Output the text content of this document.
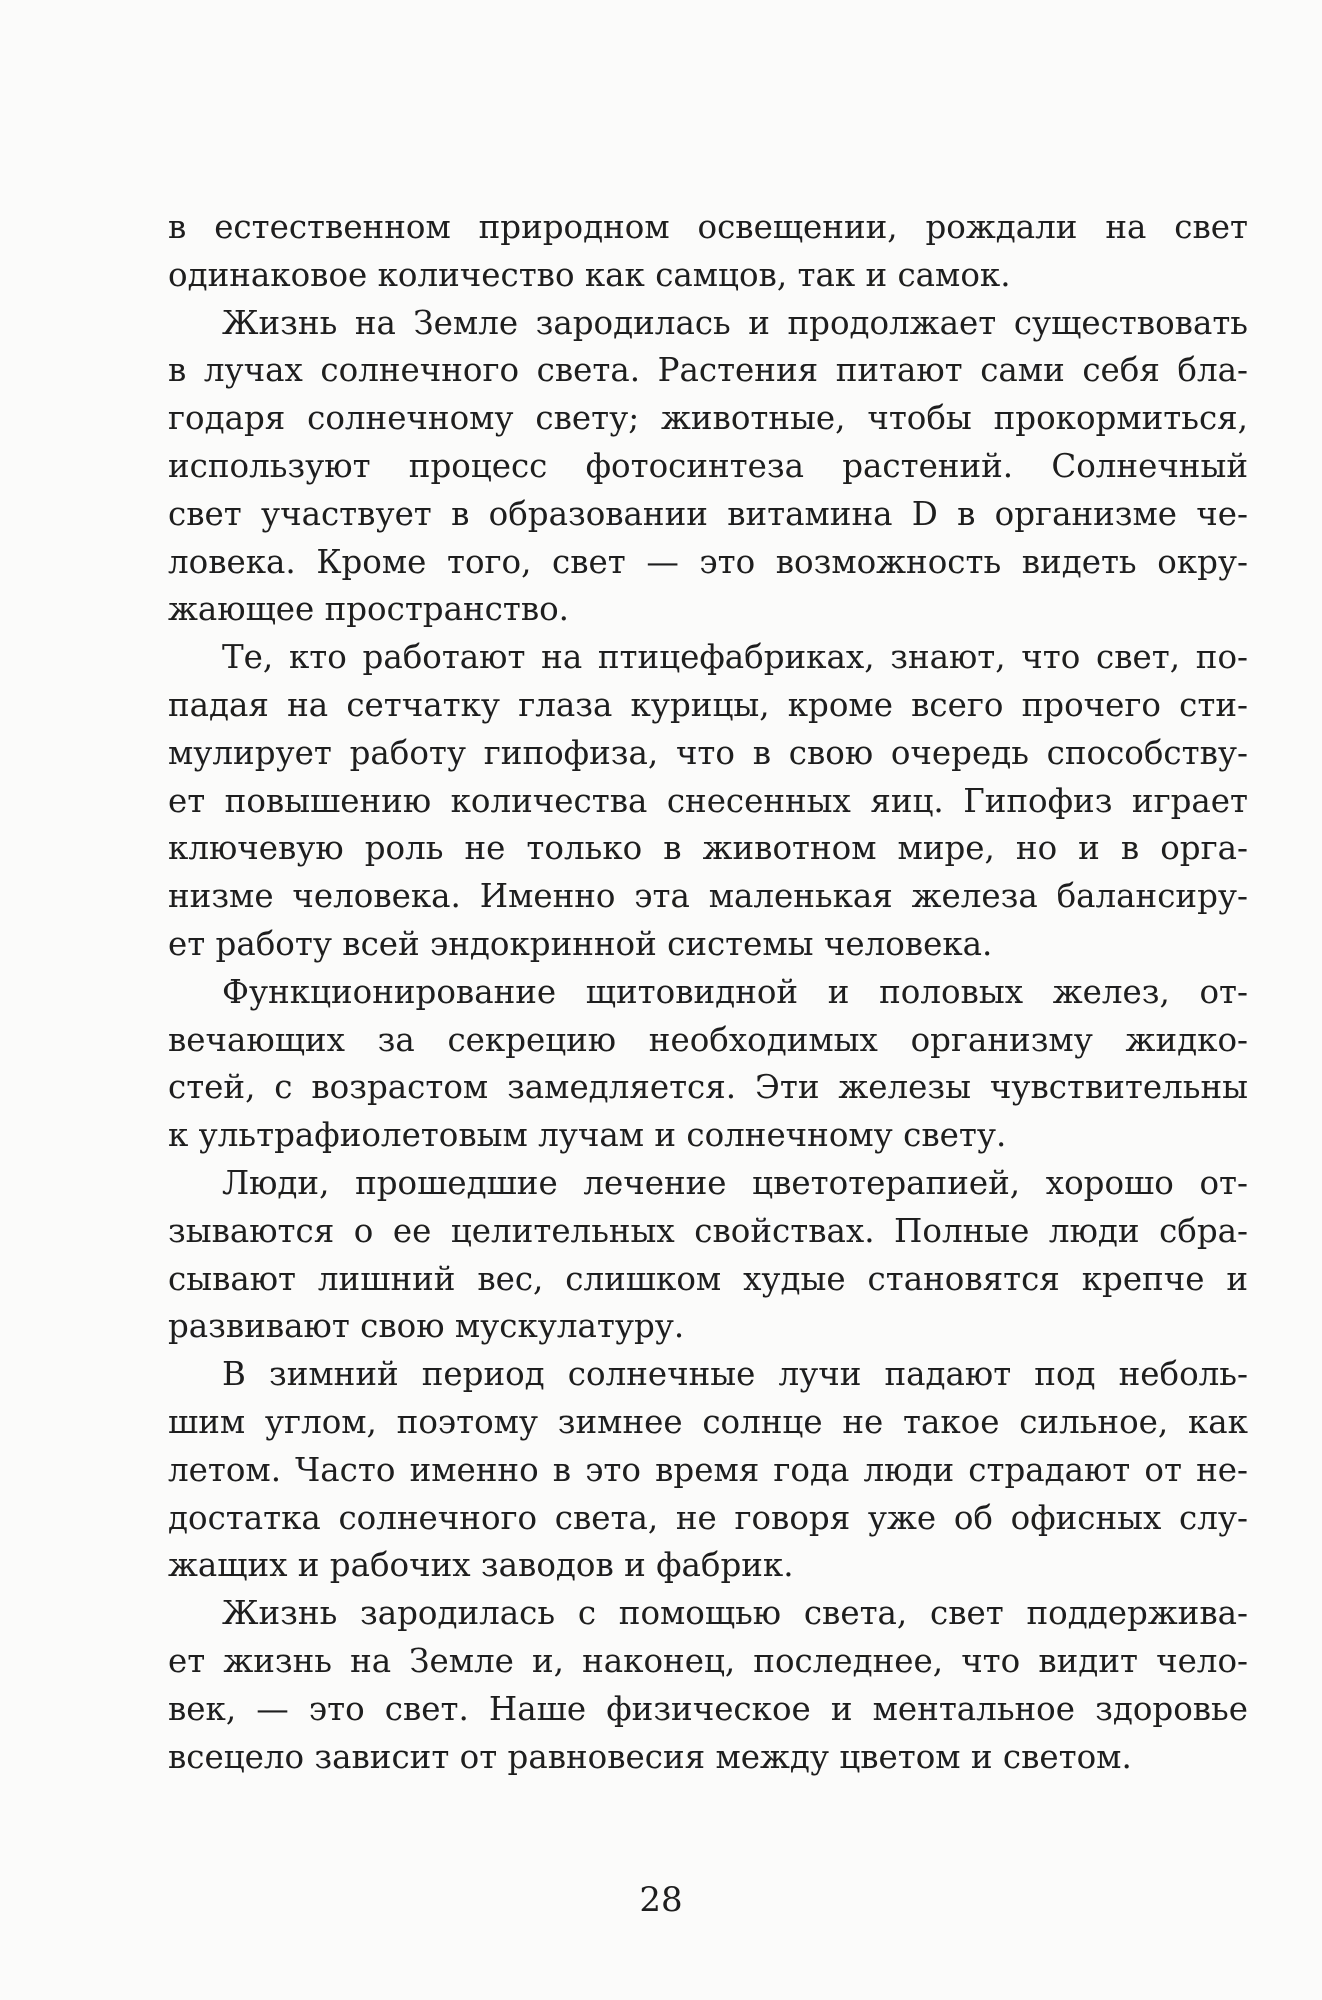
в естественном природном освещении, рождали на свет
одинаковое количество как самцов, так и самок.
Жизнь на Земле зародилась и продолжает существовать
в лучах солнечного света. Растения питают сами себя бла-
годаря солнечному свету; животные, чтобы прокормиться,
используют процесс фотосинтеза растений. Солнечный
свет участвует в образовании витамина D в организме че-
ловека. Кроме того, свет — это возможность видеть окру-
жающее пространство.
Те, кто работают на птицефабриках, знают, что свет, по-
падая на сетчатку глаза курицы, кроме всего прочего сти-
мулирует работу гипофиза, что в свою очередь способству-
ет повышению количества снесенных яиц. Гипофиз играет
ключевую роль не только в животном мире, но и в орга-
низме человека. Именно эта маленькая железа балансиру-
ет работу всей эндокринной системы человека.
Функционирование щитовидной и половых желез, от-
вечающих за секрецию необходимых организму жидко-
стей, с возрастом замедляется. Эти железы чувствительны
к ультрафиолетовым лучам и солнечному свету.
Люди, прошедшие лечение цветотерапией, хорошо от-
зываются о ее целительных свойствах. Полные люди сбра-
сывают лишний вес, слишком худые становятся крепче и
развивают свою мускулатуру.
В зимний период солнечные лучи падают под неболь-
шим углом, поэтому зимнее солнце не такое сильное, как
летом. Часто именно в это время года люди страдают от не-
достатка солнечного света, не говоря уже об офисных слу-
жащих и рабочих заводов и фабрик.
Жизнь зародилась с помощью света, свет поддержива-
ет жизнь на Земле и, наконец, последнее, что видит чело-
век, — это свет. Наше физическое и ментальное здоровье
всецело зависит от равновесия между цветом и светом.
28
